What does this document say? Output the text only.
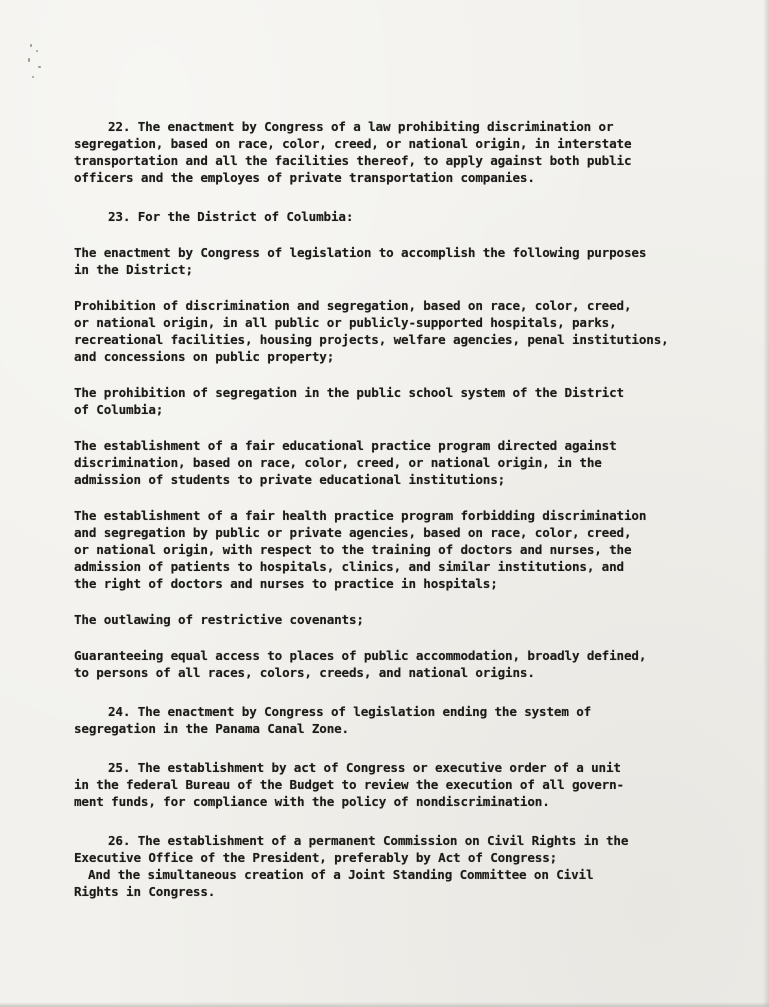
22. The enactment by Congress of a law prohibiting discrimination or
segregation, based on race, color, creed, or national origin, in interstate
transportation and all the facilities thereof, to apply against both public
officers and the employes of private transportation companies.
23. For the District of Columbia:
The enactment by Congress of legislation to accomplish the following purposes
in the District;
Prohibition of discrimination and segregation, based on race, color, creed,
or national origin, in all public or publicly-supported hospitals, parks,
recreational facilities, housing projects, welfare agencies, penal institutions,
and concessions on public property;
The prohibition of segregation in the public school system of the District
of Columbia;
The establishment of a fair educational practice program directed against
discrimination, based on race, color, creed, or national origin, in the
admission of students to private educational institutions;
The establishment of a fair health practice program forbidding discrimination
and segregation by public or private agencies, based on race, color, creed,
or national origin, with respect to the training of doctors and nurses, the
admission of patients to hospitals, clinics, and similar institutions, and
the right of doctors and nurses to practice in hospitals;
The outlawing of restrictive covenants;
Guaranteeing equal access to places of public accommodation, broadly defined,
to persons of all races, colors, creeds, and national origins.
24. The enactment by Congress of legislation ending the system of
segregation in the Panama Canal Zone.
25. The establishment by act of Congress or executive order of a unit
in the federal Bureau of the Budget to review the execution of all govern-
ment funds, for compliance with the policy of nondiscrimination.
26. The establishment of a permanent Commission on Civil Rights in the
Executive Office of the President, preferably by Act of Congress;
And the simultaneous creation of a Joint Standing Committee on Civil
Rights in Congress.
